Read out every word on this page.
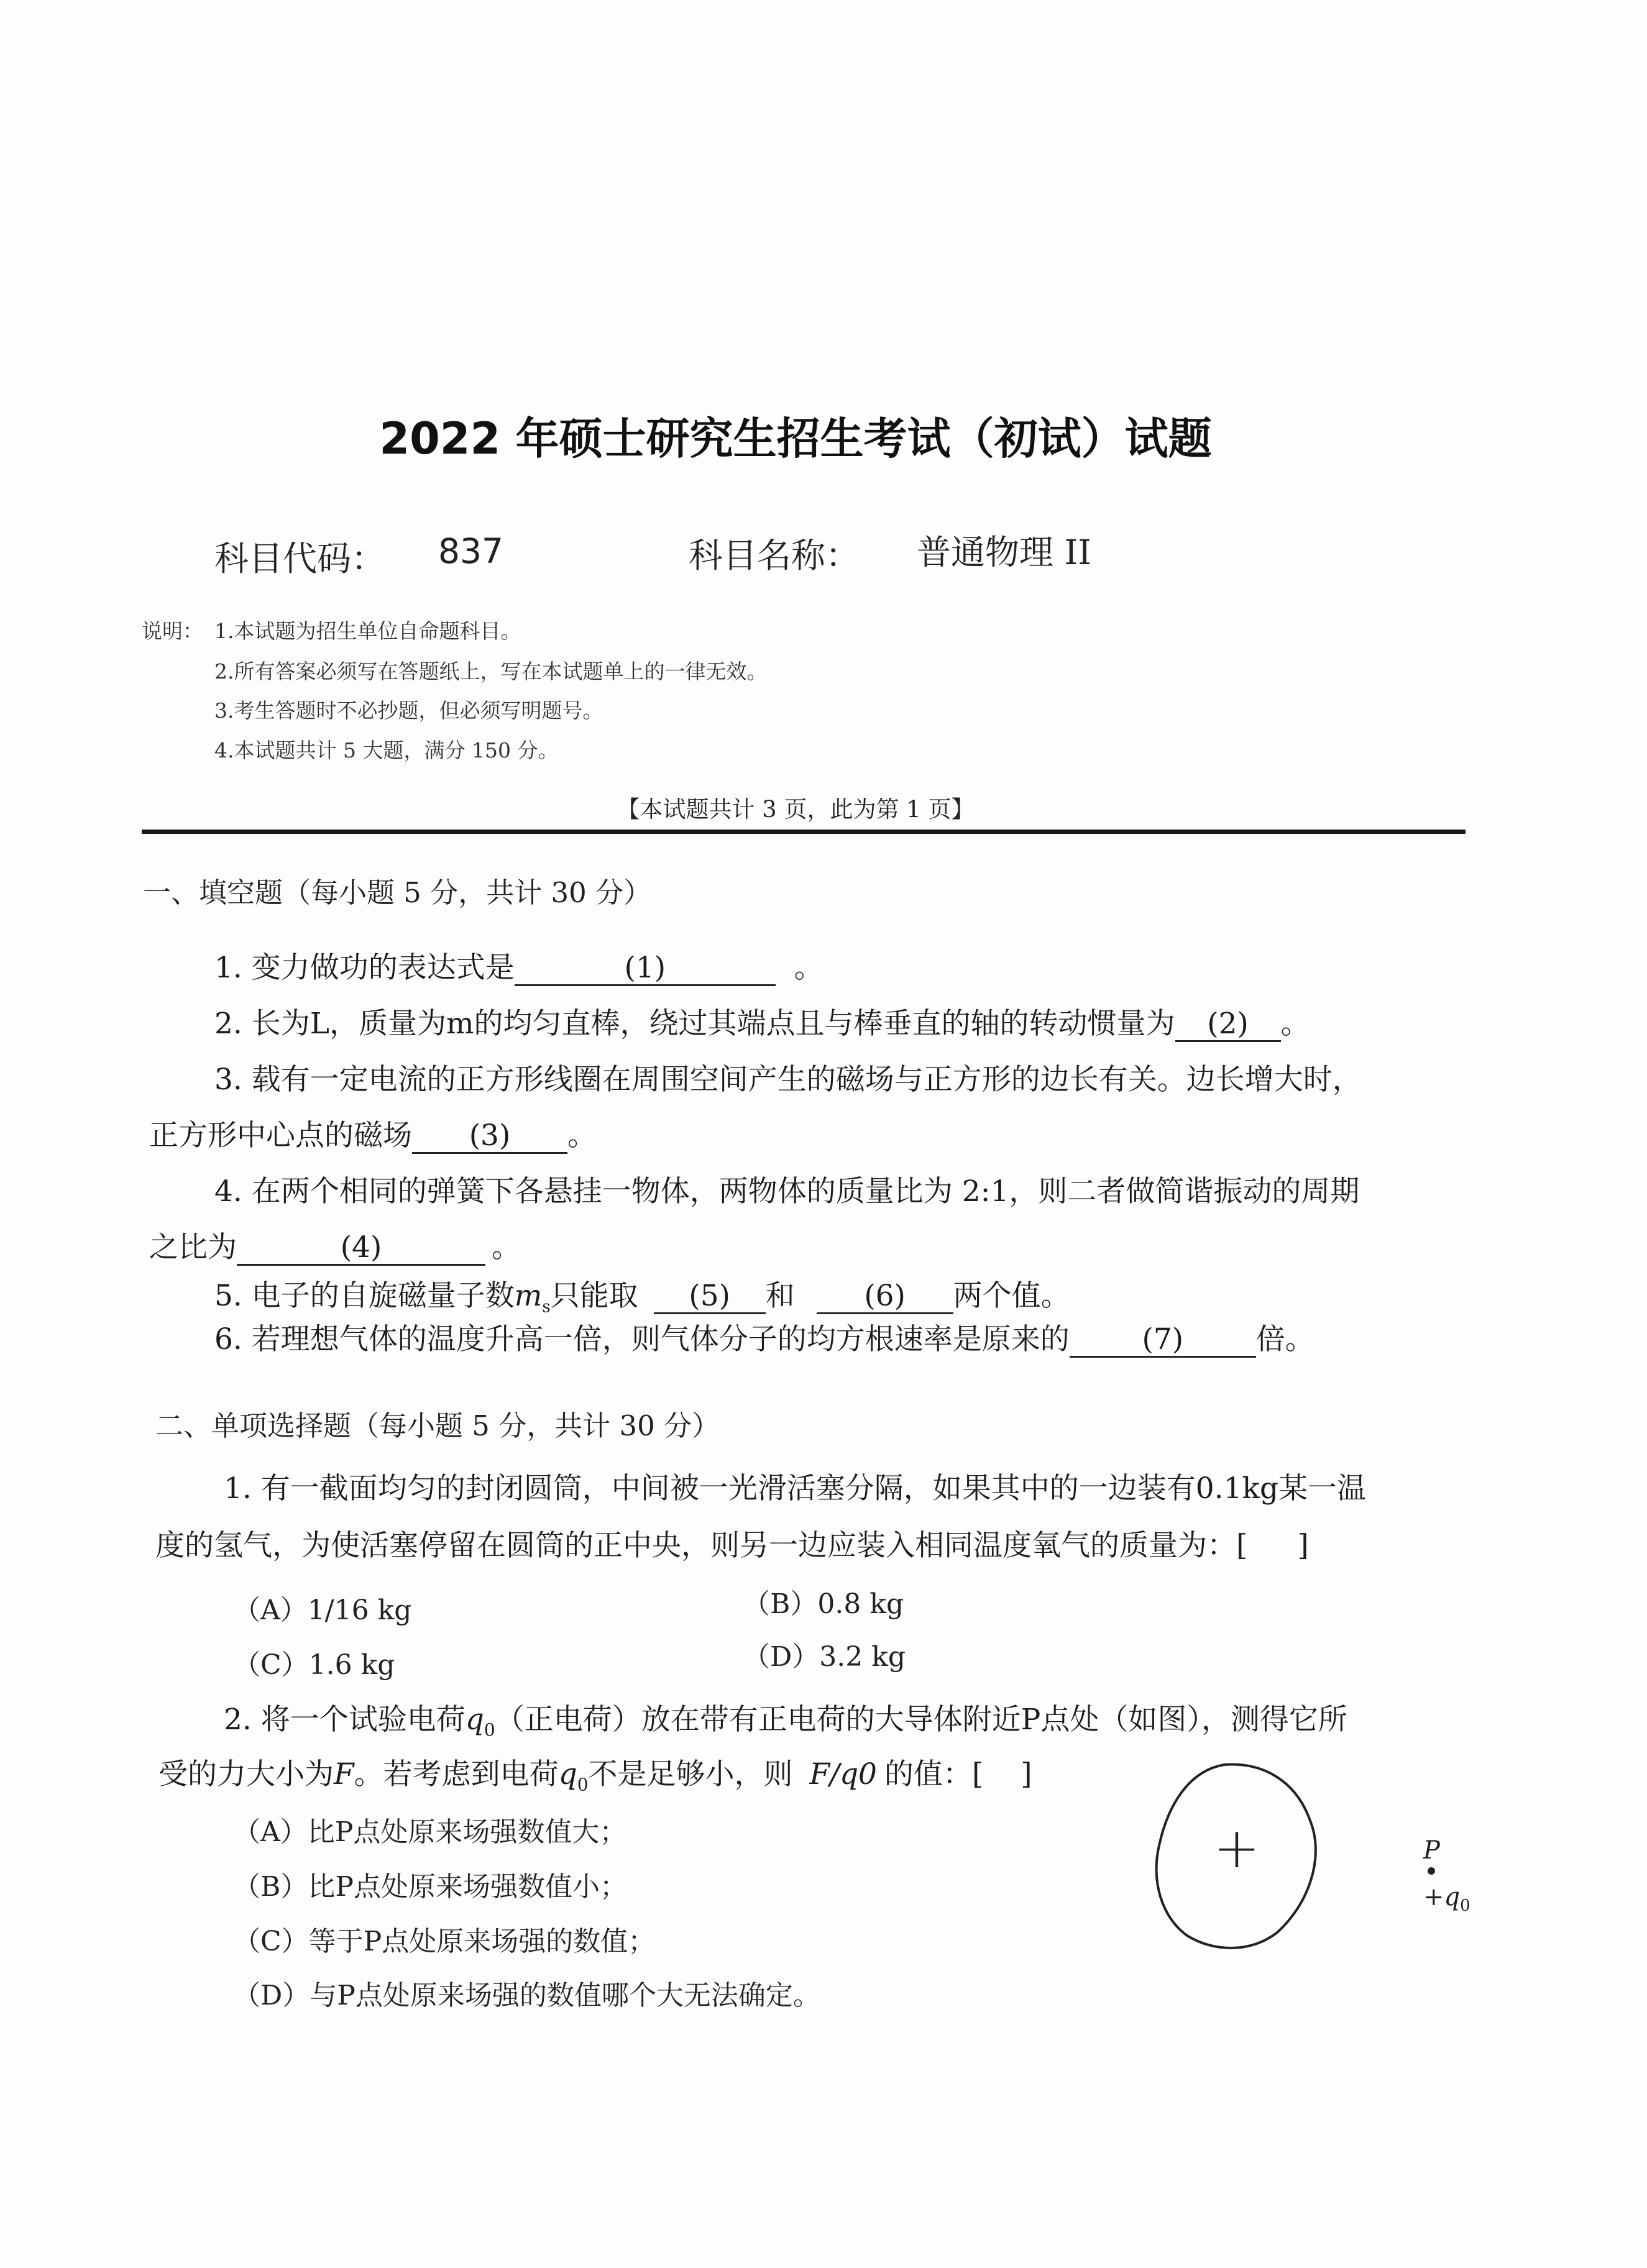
2022 年硕士研究生招生考试（初试）试题
科目代码： 837	科目名称： 普通物理 II
说明： 1.本试题为招生单位自命题科目。
2.所有答案必须写在答题纸上，写在本试题单上的一律无效。
3.考生答题时不必抄题，但必须写明题号。
4.本试题共计 5 大题，满分 150 分。
【本试题共计 3 页，此为第 1 页】
一、填空题（每小题 5 分，共计 30 分）
1. 变力做功的表达式是	(1)	。
2. 长为L，质量为m的均匀直棒，绕过其端点且与棒垂直的轴的转动惯量为 (2) 。
3. 载有一定电流的正方形线圈在周围空间产生的磁场与正方形的边长有关。边长增大时，
正方形中心点的磁场 (3) 。
4. 在两个相同的弹簧下各悬挂一物体，两物体的质量比为 2:1，则二者做简谐振动的周期
之比为	(4)	。
5. 电子的自旋磁量子数$m_s$只能取 (5) 和 (6) 两个值。
6. 若理想气体的温度升高一倍，则气体分子的均方根速率是原来的 (7) 倍。
二、单项选择题（每小题 5 分，共计 30 分）
1. 有一截面均匀的封闭圆筒，中间被一光滑活塞分隔，如果其中的一边装有0.1kg某一温
度的氢气，为使活塞停留在圆筒的正中央，则另一边应装入相同温度氧气的质量为：[ ]
（A）1/16 kg	（B）0.8 kg
（C）1.6 kg	（D）3.2 kg
2. 将一个试验电荷$q_0$（正电荷）放在带有正电荷的大导体附近P点处（如图），测得它所
受的力大小为F。若考虑到电荷$q_0$不是足够小，则 F/q0 的值：[ ]
（A）比P点处原来场强数值大；
（B）比P点处原来场强数值小；
（C）等于P点处原来场强的数值；
（D）与P点处原来场强的数值哪个大无法确定。
+	P
$+q_0$
